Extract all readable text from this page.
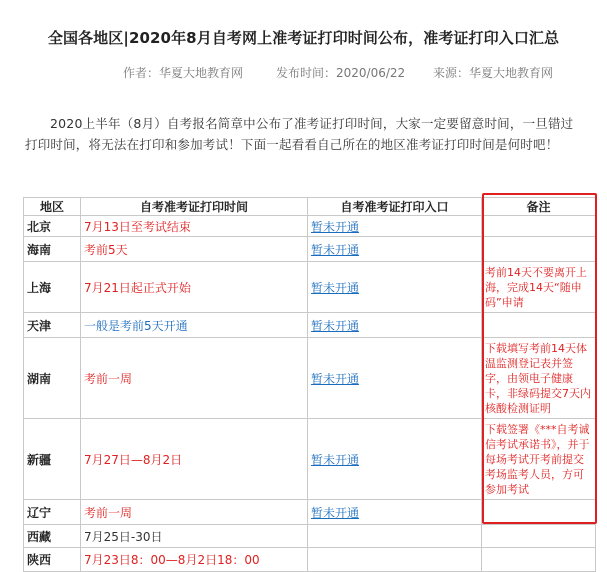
全国各地区|2020年8月自考网上准考证打印时间公布，准考证打印入口汇总
作者：华夏大地教育网	发布时间：2020/06/22 来源：华夏大地教育网

2020上半年（8月）自考报名简章中公布了准考证打印时间，大家一定要留意时间，一旦错过打印时间，将无法在打印和参加考试！下面一起看看自己所在的地区准考证打印时间是何时吧！

地区	自考准考证打印时间	自考准考证打印入口	备注
北京	7月13日至考试结束	暂未开通	
海南	考前5天	暂未开通	
上海	7月21日起正式开始	暂未开通	考前14天不要离开上海，完成14天“随申码”申请
天津	一般是考前5天开通	暂未开通	
湖南	考前一周	暂未开通	下载填写考前14天体温监测登记表并签字，由领电子健康卡，非绿码提交7天内核酸检测证明
新疆	7月27日—8月2日	暂未开通	下载签署《***自考诚信考试承诺书》，并于每场考试开考前提交考场监考人员，方可参加考试
辽宁	考前一周	暂未开通	
西藏	7月25日-30日		
陕西	7月23日8：00—8月2日18：00		
